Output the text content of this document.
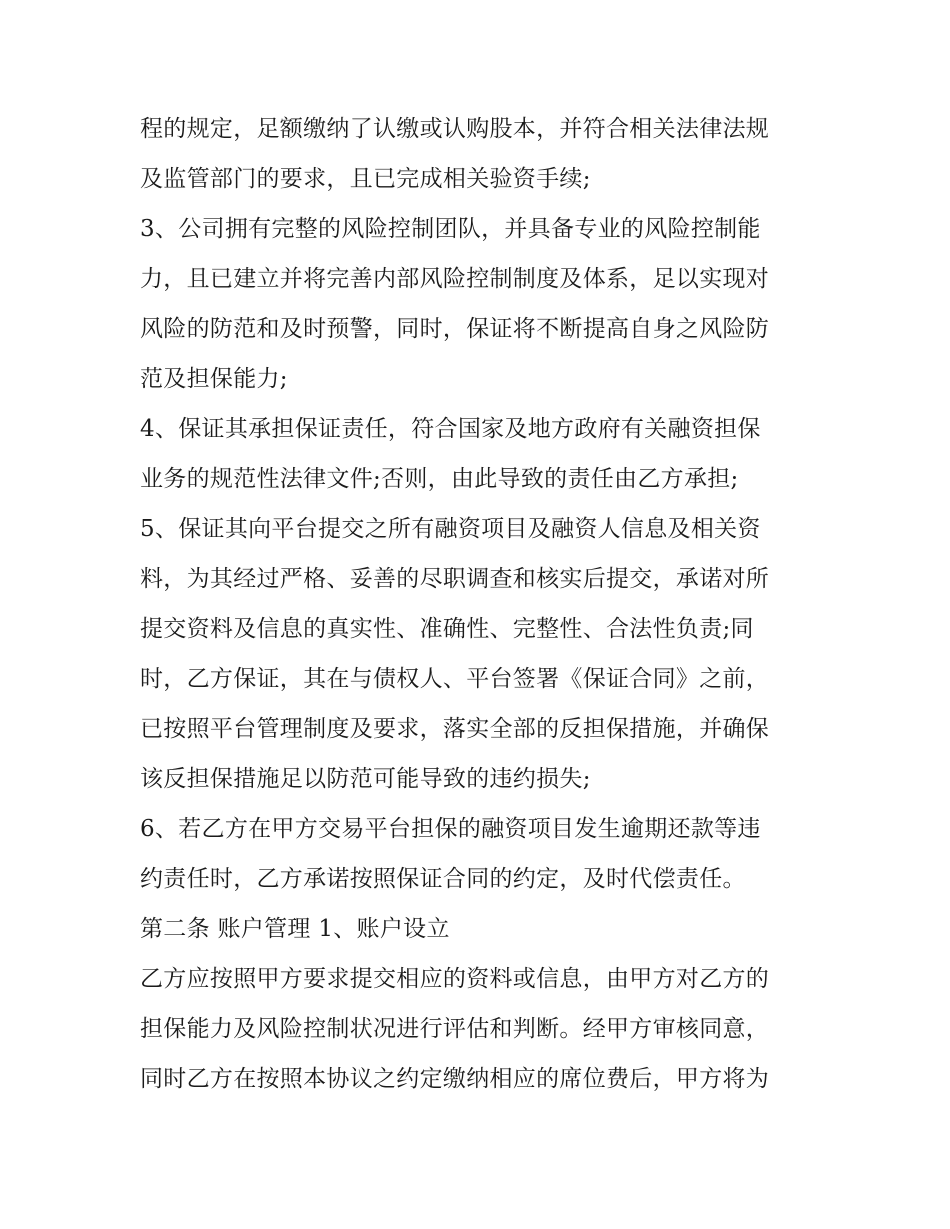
程的规定，足额缴纳了认缴或认购股本，并符合相关法律法规
及监管部门的要求，且已完成相关验资手续;
3、公司拥有完整的风险控制团队，并具备专业的风险控制能
力，且已建立并将完善内部风险控制制度及体系，足以实现对
风险的防范和及时预警，同时，保证将不断提高自身之风险防
范及担保能力;
4、保证其承担保证责任，符合国家及地方政府有关融资担保
业务的规范性法律文件;否则，由此导致的责任由乙方承担;
5、保证其向平台提交之所有融资项目及融资人信息及相关资
料，为其经过严格、妥善的尽职调查和核实后提交，承诺对所
提交资料及信息的真实性、准确性、完整性、合法性负责;同
时，乙方保证，其在与债权人、平台签署《保证合同》之前，
已按照平台管理制度及要求，落实全部的反担保措施，并确保
该反担保措施足以防范可能导致的违约损失;
6、若乙方在甲方交易平台担保的融资项目发生逾期还款等违
约责任时，乙方承诺按照保证合同的约定，及时代偿责任。
第二条 账户管理 1、账户设立
乙方应按照甲方要求提交相应的资料或信息，由甲方对乙方的
担保能力及风险控制状况进行评估和判断。经甲方审核同意，
同时乙方在按照本协议之约定缴纳相应的席位费后，甲方将为
